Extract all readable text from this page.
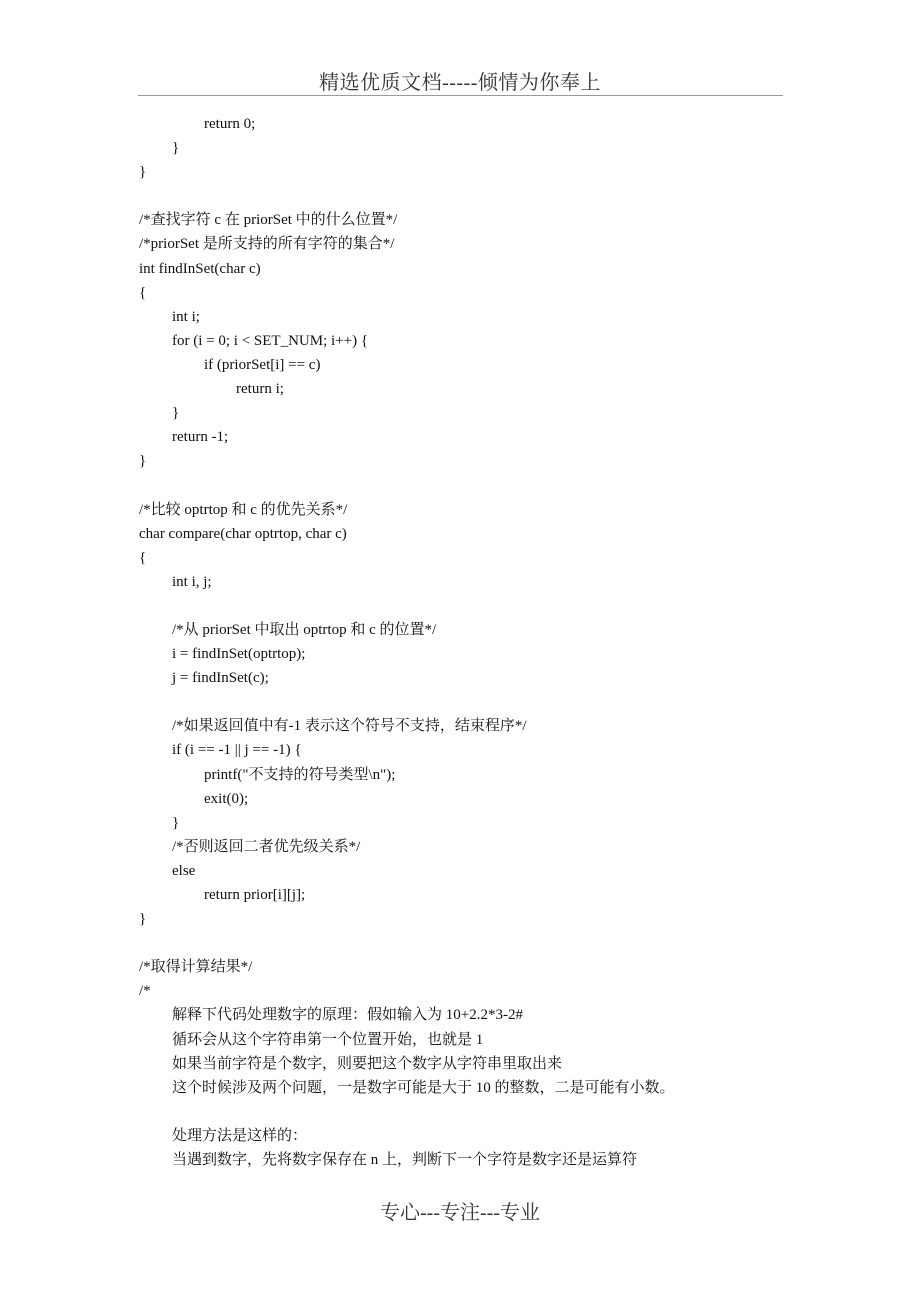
精选优质文档-----倾情为你奉上
return 0;
}
}
/*查找字符 c 在 priorSet 中的什么位置*/
/*priorSet 是所支持的所有字符的集合*/
int findInSet(char c)
{
int i;
for (i = 0; i < SET_NUM; i++) {
if (priorSet[i] == c)
return i;
}
return -1;
}
/*比较 optrtop 和 c 的优先关系*/
char compare(char optrtop, char c)
{
int i, j;
/*从 priorSet 中取出 optrtop 和 c 的位置*/
i = findInSet(optrtop);
j = findInSet(c);
/*如果返回值中有-1 表示这个符号不支持，结束程序*/
if (i == -1 || j == -1) {
printf("不支持的符号类型\n");
exit(0);
}
/*否则返回二者优先级关系*/
else
return prior[i][j];
}
/*取得计算结果*/
/*
解释下代码处理数字的原理：假如输入为 10+2.2*3-2#
循环会从这个字符串第一个位置开始，也就是 1
如果当前字符是个数字，则要把这个数字从字符串里取出来
这个时候涉及两个问题，一是数字可能是大于 10 的整数，二是可能有小数。
处理方法是这样的：
当遇到数字，先将数字保存在 n 上，判断下一个字符是数字还是运算符
专心---专注---专业
